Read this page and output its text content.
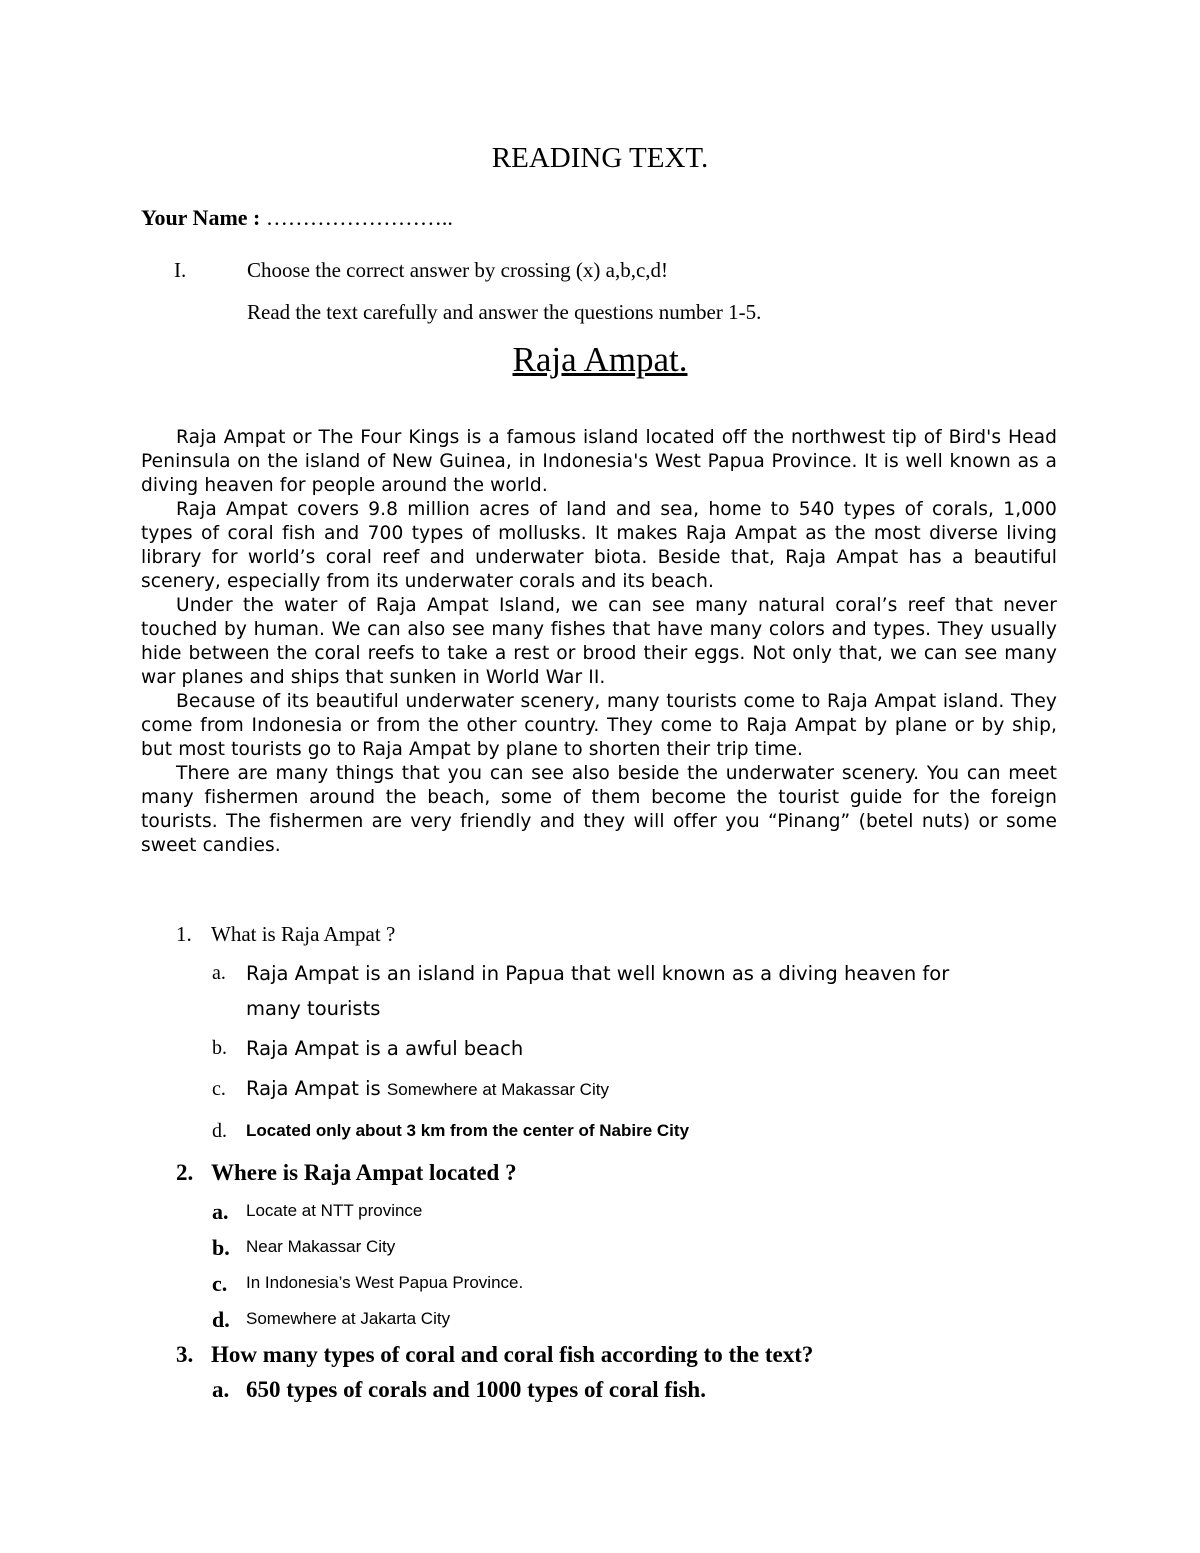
READING TEXT.
Your Name : ……………………..
I.	Choose the correct answer by crossing (x) a,b,c,d!
Read the text carefully and answer the questions number 1-5.
Raja Ampat.

Raja Ampat or The Four Kings is a famous island located off the northwest tip of Bird's Head Peninsula on the island of New Guinea, in Indonesia's West Papua Province. It is well known as a diving heaven for people around the world.

Raja Ampat covers 9.8 million acres of land and sea, home to 540 types of corals, 1,000 types of coral fish and 700 types of mollusks. It makes Raja Ampat as the most diverse living library for world’s coral reef and underwater biota. Beside that, Raja Ampat has a beautiful scenery, especially from its underwater corals and its beach.

Under the water of Raja Ampat Island, we can see many natural coral’s reef that never touched by human. We can also see many fishes that have many colors and types. They usually hide between the coral reefs to take a rest or brood their eggs. Not only that, we can see many war planes and ships that sunken in World War II.

Because of its beautiful underwater scenery, many tourists come to Raja Ampat island. They come from Indonesia or from the other country. They come to Raja Ampat by plane or by ship, but most tourists go to Raja Ampat by plane to shorten their trip time.

There are many things that you can see also beside the underwater scenery. You can meet many fishermen around the beach, some of them become the tourist guide for the foreign tourists. The fishermen are very friendly and they will offer you “Pinang” (betel nuts) or some sweet candies.

1. What is Raja Ampat ?
a. Raja Ampat is an island in Papua that well known as a diving heaven for
many tourists
b. Raja Ampat is a awful beach
c. Raja Ampat is Somewhere at Makassar City
d. Located only about 3 km from the center of Nabire City
2. Where is Raja Ampat located ?
a. Locate at NTT province
b. Near Makassar City
c. In Indonesia’s West Papua Province.
d. Somewhere at Jakarta City
3. How many types of coral and coral fish according to the text?
a. 650 types of corals and 1000 types of coral fish.
